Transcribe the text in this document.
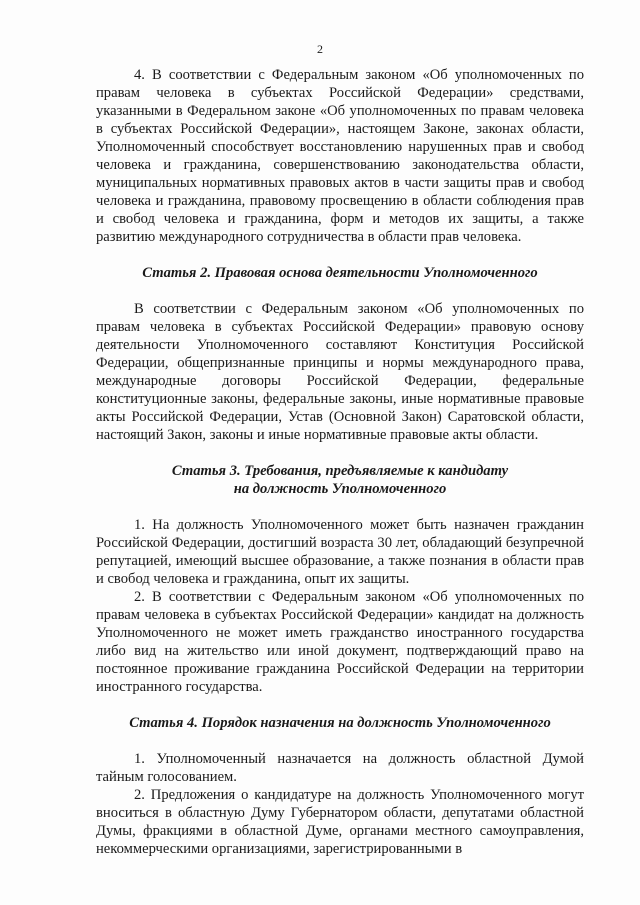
2

4. В соответствии с Федеральным законом «Об уполномоченных по правам человека в субъектах Российской Федерации» средствами, указанными в Федеральном законе «Об уполномоченных по правам человека в субъектах Российской Федерации», настоящем Законе, законах области, Уполномоченный способствует восстановлению нарушенных прав и свобод человека и гражданина, совершенствованию законодательства области, муниципальных нормативных правовых актов в части защиты прав и свобод человека и гражданина, правовому просвещению в области соблюдения прав и свобод человека и гражданина, форм и методов их защиты, а также развитию международного сотрудничества в области прав человека.

Статья 2. Правовая основа деятельности Уполномоченного

В соответствии с Федеральным законом «Об уполномоченных по правам человека в субъектах Российской Федерации» правовую основу деятельности Уполномоченного составляют Конституция Российской Федерации, общепризнанные принципы и нормы международного права, международные договоры Российской Федерации, федеральные конституционные законы, федеральные законы, иные нормативные правовые акты Российской Федерации, Устав (Основной Закон) Саратовской области, настоящий Закон, законы и иные нормативные правовые акты области.

Статья 3. Требования, предъявляемые к кандидату
на должность Уполномоченного

1. На должность Уполномоченного может быть назначен гражданин Российской Федерации, достигший возраста 30 лет, обладающий безупречной репутацией, имеющий высшее образование, а также познания в области прав и свобод человека и гражданина, опыт их защиты.

2. В соответствии с Федеральным законом «Об уполномоченных по правам человека в субъектах Российской Федерации» кандидат на должность Уполномоченного не может иметь гражданство иностранного государства либо вид на жительство или иной документ, подтверждающий право на постоянное проживание гражданина Российской Федерации на территории иностранного государства.

Статья 4. Порядок назначения на должность Уполномоченного

1. Уполномоченный назначается на должность областной Думой тайным голосованием.

2. Предложения о кандидатуре на должность Уполномоченного могут вноситься в областную Думу Губернатором области, депутатами областной Думы, фракциями в областной Думе, органами местного самоуправления, некоммерческими организациями, зарегистрированными в
